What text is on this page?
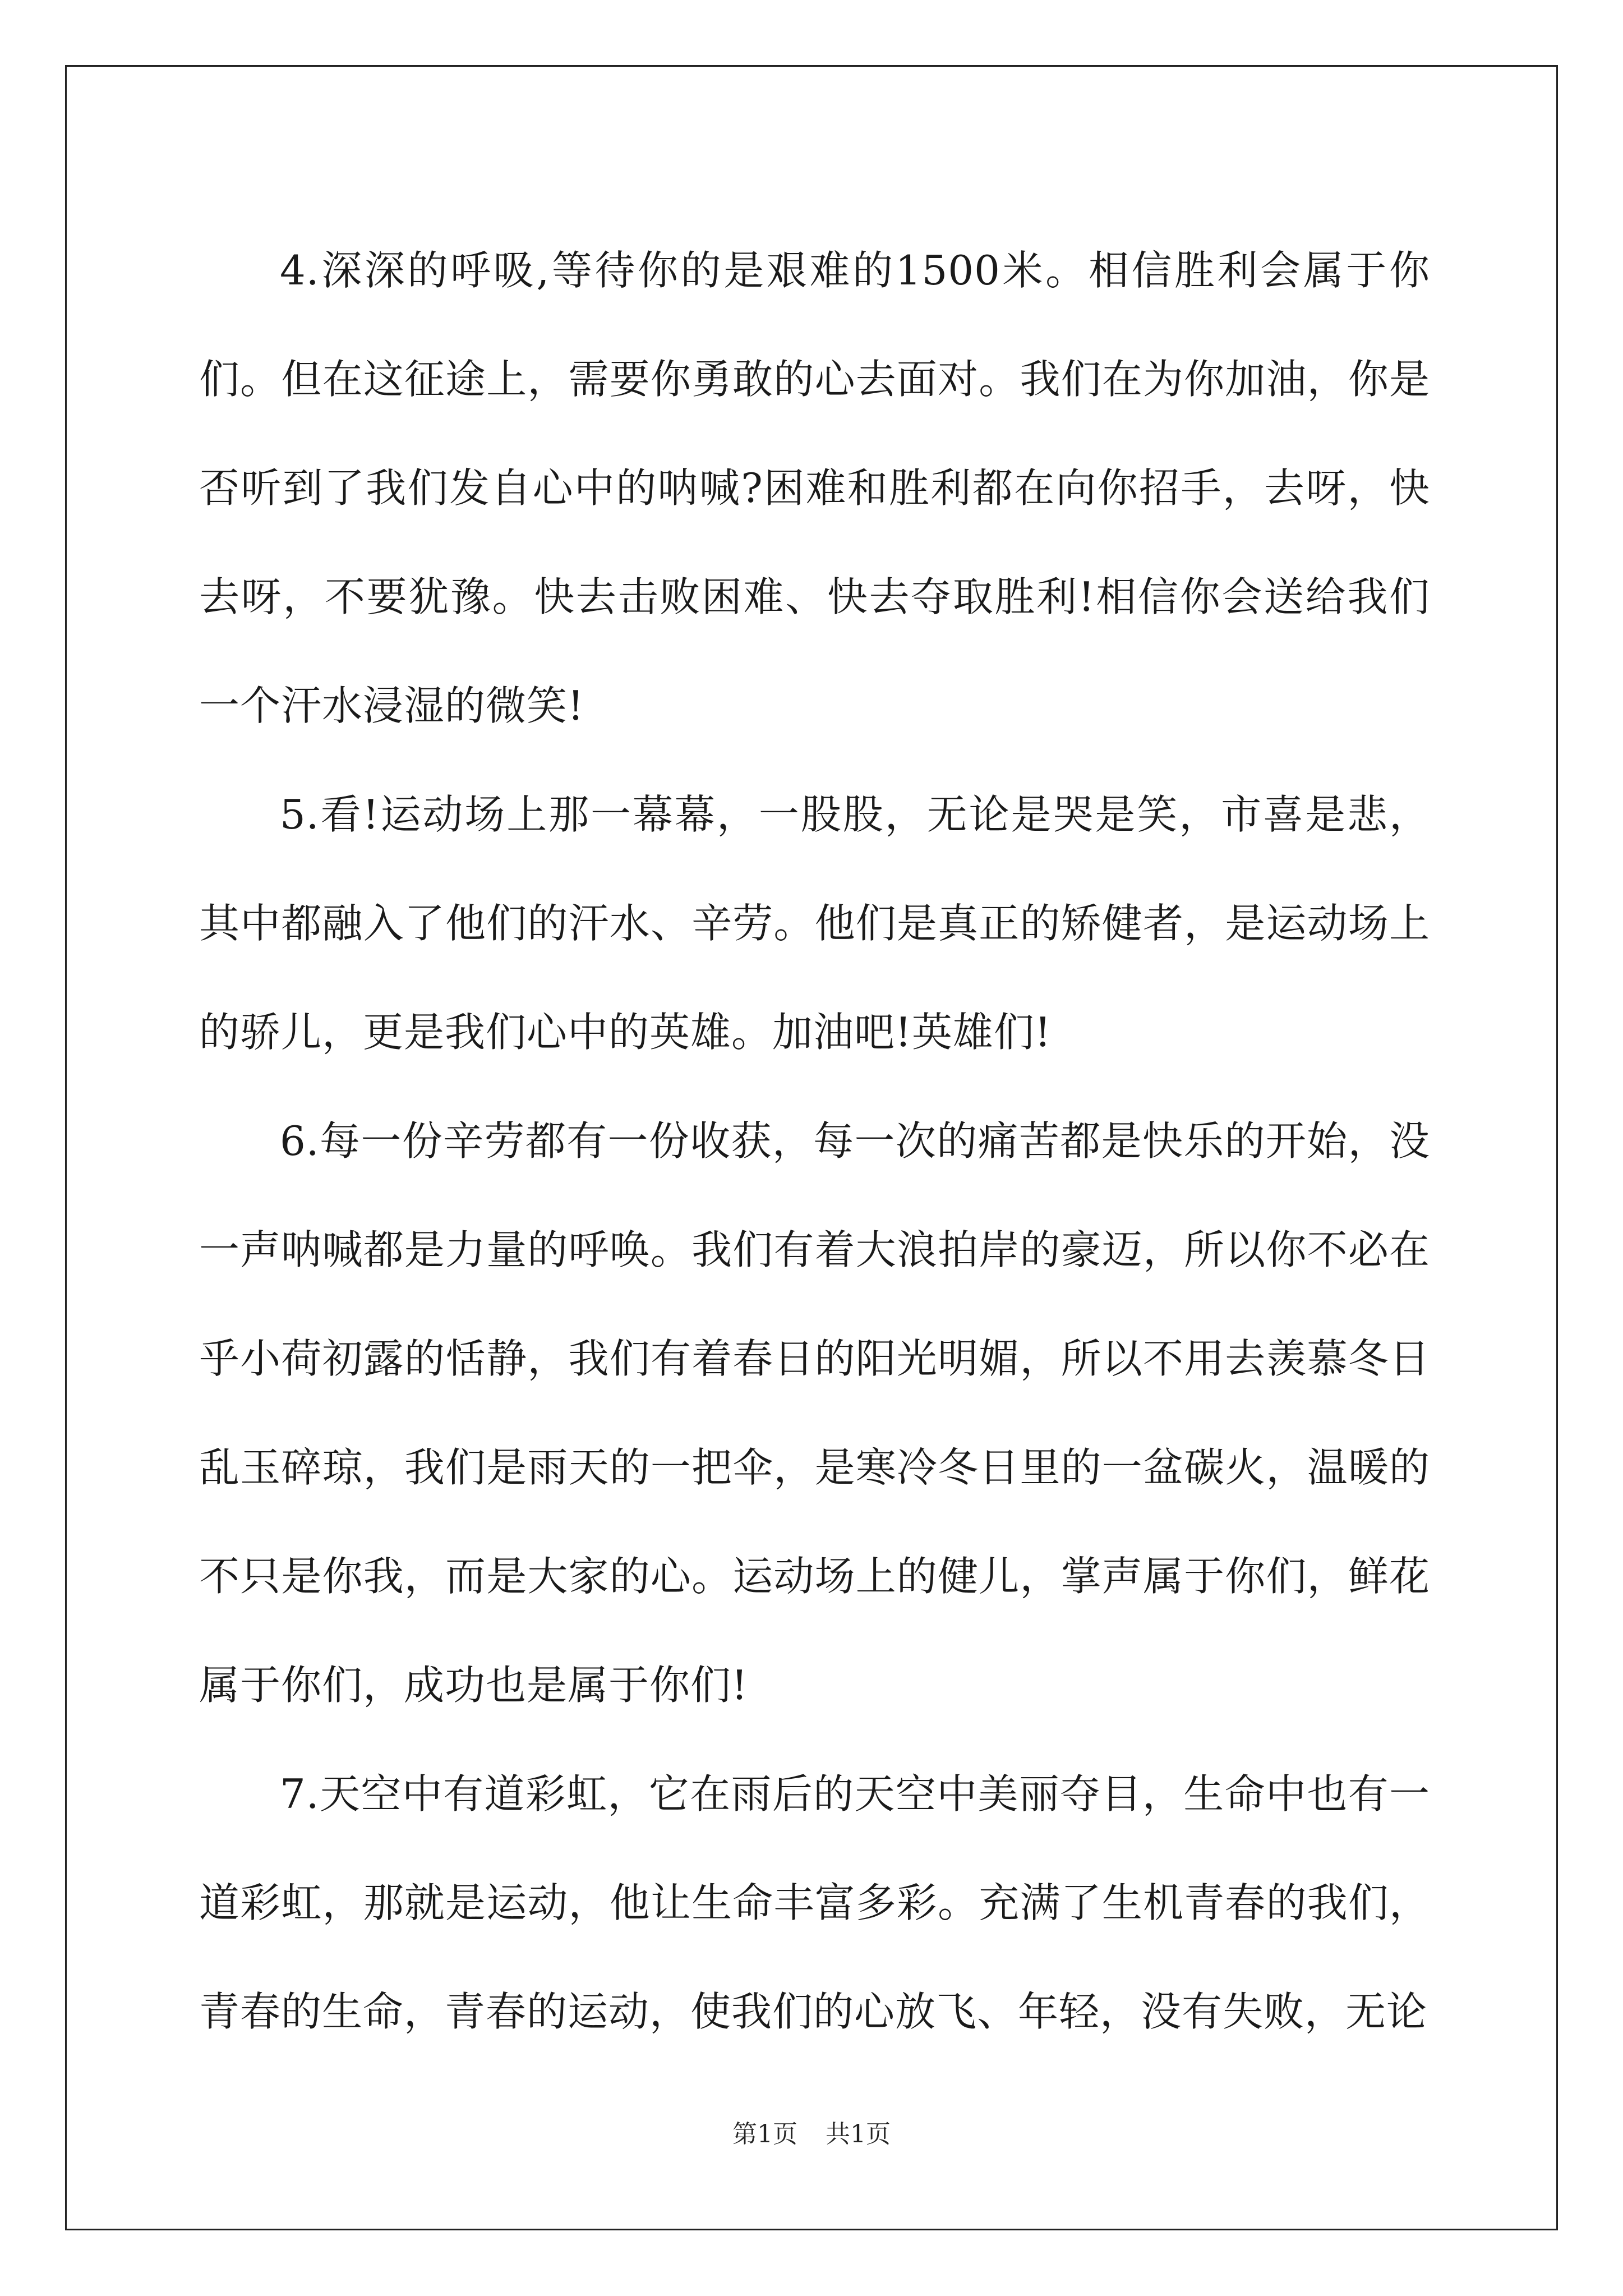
4.深深的呼吸,等待你的是艰难的1500米。相信胜利会属于你们。但在这征途上，需要你勇敢的心去面对。我们在为你加油，你是否听到了我们发自心中的呐喊?困难和胜利都在向你招手，去呀，快去呀，不要犹豫。快去击败困难、快去夺取胜利!相信你会送给我们一个汗水浸湿的微笑!

5.看!运动场上那一幕幕，一股股，无论是哭是笑，市喜是悲，其中都融入了他们的汗水、辛劳。他们是真正的矫健者，是运动场上的骄儿，更是我们心中的英雄。加油吧!英雄们!

6.每一份辛劳都有一份收获，每一次的痛苦都是快乐的开始，没一声呐喊都是力量的呼唤。我们有着大浪拍岸的豪迈，所以你不必在乎小荷初露的恬静，我们有着春日的阳光明媚，所以不用去羡慕冬日乱玉碎琼，我们是雨天的一把伞，是寒冷冬日里的一盆碳火，温暖的不只是你我，而是大家的心。运动场上的健儿，掌声属于你们，鲜花属于你们，成功也是属于你们!

7.天空中有道彩虹，它在雨后的天空中美丽夺目，生命中也有一道彩虹，那就是运动，他让生命丰富多彩。充满了生机青春的我们，青春的生命，青春的运动，使我们的心放飞、年轻，没有失败，无论

第1页 共1页
